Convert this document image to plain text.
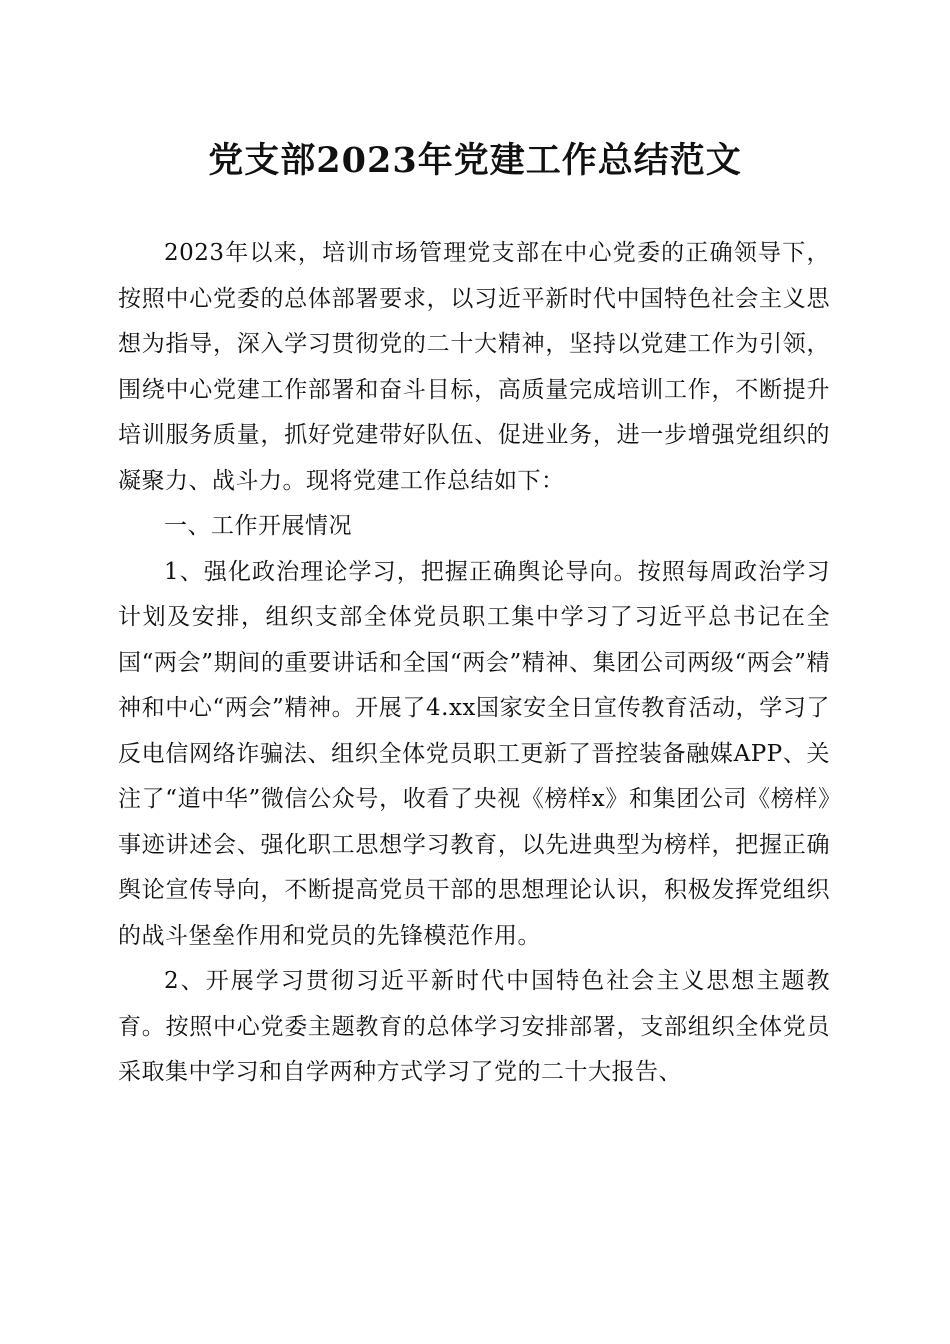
党支部2023年党建工作总结范文

2023年以来，培训市场管理党支部在中心党委的正确领导下，按照中心党委的总体部署要求，以习近平新时代中国特色社会主义思想为指导，深入学习贯彻党的二十大精神，坚持以党建工作为引领，围绕中心党建工作部署和奋斗目标，高质量完成培训工作，不断提升培训服务质量，抓好党建带好队伍、促进业务，进一步增强党组织的凝聚力、战斗力。现将党建工作总结如下：

一、工作开展情况

1、强化政治理论学习，把握正确舆论导向。按照每周政治学习计划及安排，组织支部全体党员职工集中学习了习近平总书记在全国“两会”期间的重要讲话和全国“两会”精神、集团公司两级“两会”精神和中心“两会”精神。开展了4.xx国家安全日宣传教育活动，学习了反电信网络诈骗法、组织全体党员职工更新了晋控装备融媒APP、关注了“道中华”微信公众号，收看了央视《榜样x》和集团公司《榜样》事迹讲述会、强化职工思想学习教育，以先进典型为榜样，把握正确舆论宣传导向，不断提高党员干部的思想理论认识，积极发挥党组织的战斗堡垒作用和党员的先锋模范作用。

2、开展学习贯彻习近平新时代中国特色社会主义思想主题教育。按照中心党委主题教育的总体学习安排部署，支部组织全体党员采取集中学习和自学两种方式学习了党的二十大报告、
